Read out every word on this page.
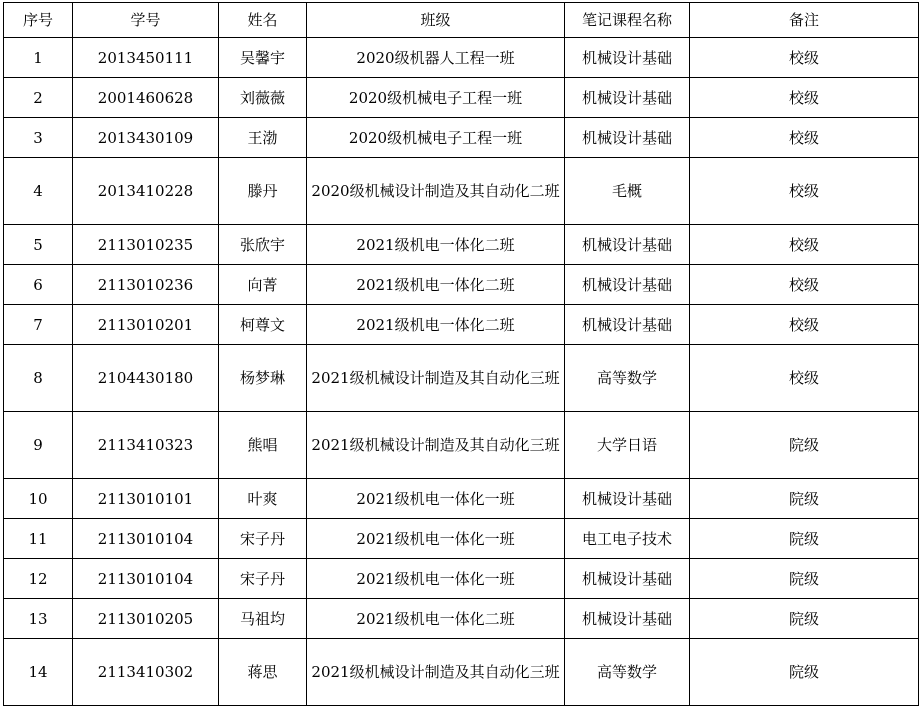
序号	学号	姓名	班级	笔记课程名称	备注
1	2013450111	吴馨宇	2020级机器人工程一班	机械设计基础	校级
2	2001460628	刘薇薇	2020级机械电子工程一班	机械设计基础	校级
3	2013430109	王渤	2020级机械电子工程一班	机械设计基础	校级
4	2013410228	滕丹	2020级机械设计制造及其自动化二班	毛概	校级
5	2113010235	张欣宇	2021级机电一体化二班	机械设计基础	校级
6	2113010236	向菁	2021级机电一体化二班	机械设计基础	校级
7	2113010201	柯尊文	2021级机电一体化二班	机械设计基础	校级
8	2104430180	杨梦琳	2021级机械设计制造及其自动化三班	高等数学	校级
9	2113410323	熊唱	2021级机械设计制造及其自动化三班	大学日语	院级
10	2113010101	叶爽	2021级机电一体化一班	机械设计基础	院级
11	2113010104	宋子丹	2021级机电一体化一班	电工电子技术	院级
12	2113010104	宋子丹	2021级机电一体化一班	机械设计基础	院级
13	2113010205	马祖均	2021级机电一体化二班	机械设计基础	院级
14	2113410302	蒋思	2021级机械设计制造及其自动化三班	高等数学	院级
